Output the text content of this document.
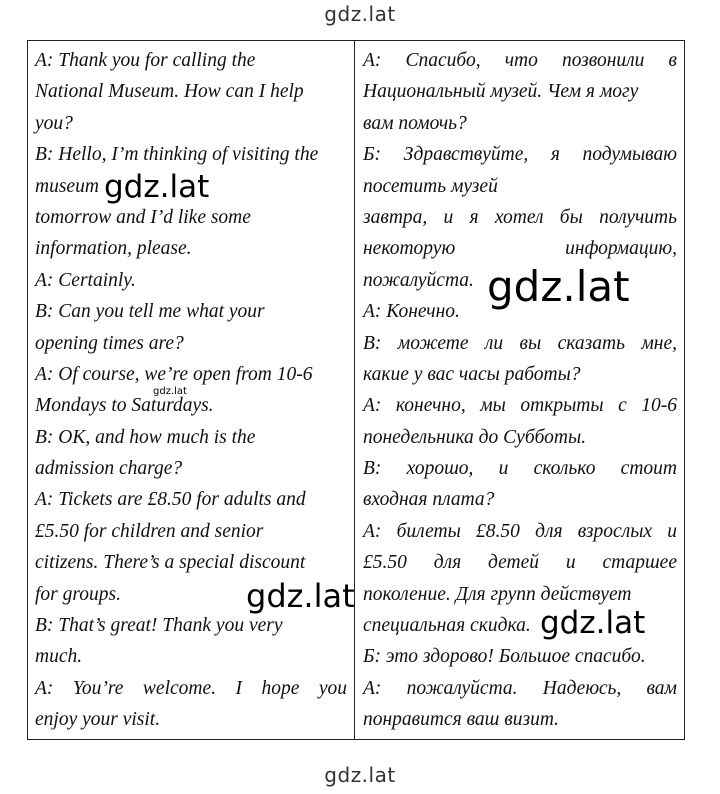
gdz.lat
A: Thank you for calling the
National Museum. How can I help
you?
B: Hello, I’m thinking of visiting the
museum
tomorrow and I’d like some
information, please.
A: Certainly.
B: Can you tell me what your
opening times are?
A: Of course, we’re open from 10-6
Mondays to Saturdays.
B: OK, and how much is the
admission charge?
A: Tickets are £8.50 for adults and
£5.50 for children and senior
citizens. There’s a special discount
for groups.
B: That’s great! Thank you very
much.
A: You’re welcome. I hope you
enjoy your visit.
А: Спасибо, что позвонили в
Национальный музей. Чем я могу
вам помочь?
Б: Здравствуйте, я подумываю
посетить музей
завтра, и я хотел бы получить
некоторую информацию,
пожалуйста.
А: Конечно.
В: можете ли вы сказать мне,
какие у вас часы работы?
А: конечно, мы открыты с 10-6
понедельника до Субботы.
В: хорошо, и сколько стоит
входная плата?
А: билеты £8.50 для взрослых и
£5.50 для детей и старшее
поколение. Для групп действует
специальная скидка.
Б: это здорово! Большое спасибо.
А: пожалуйста. Надеюсь, вам
понравится ваш визит.
gdz.lat
gdz.lat
gdz.lat
gdz.lat
gdz.lat
gdz.lat
